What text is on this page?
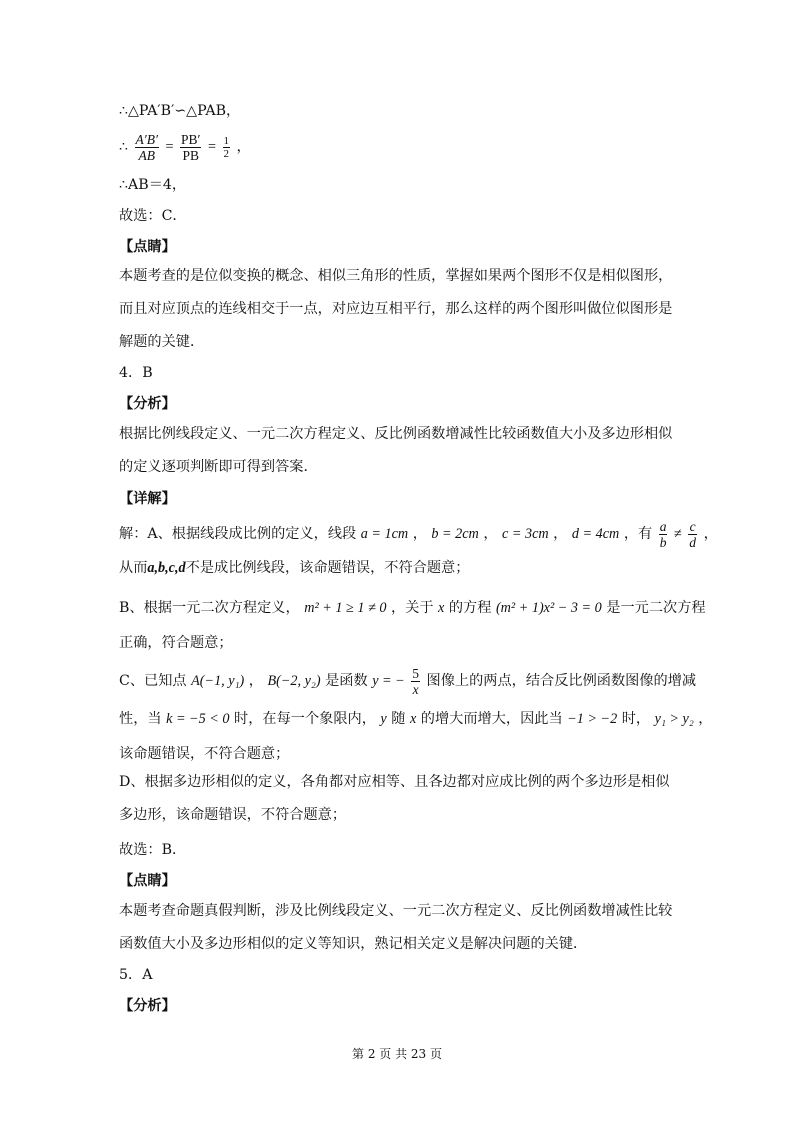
∴△PA′B′∽△PAB，
∴ $\frac{A'B'}{AB} = \frac{PB'}{PB} = \frac{1}{2}$ ，
∴AB＝4，
故选：C．
【点睛】
本题考查的是位似变换的概念、相似三角形的性质，掌握如果两个图形不仅是相似图形，而且对应顶点的连线相交于一点，对应边互相平行，那么这样的两个图形叫做位似图形是解题的关键．
4．B
【分析】
根据比例线段定义、一元二次方程定义、反比例函数增减性比较函数值大小及多边形相似的定义逐项判断即可得到答案．
【详解】
解：A、根据线段成比例的定义，线段 a = 1cm ， b = 2cm ， c = 3cm ， d = 4cm ，有 $\frac{a}{b} \ne \frac{c}{d}$ ，
从而a,b,c,d不是成比例线段，该命题错误，不符合题意；
B、根据一元二次方程定义， m² + 1 ≥ 1 ≠ 0 ，关于 x 的方程 (m² + 1)x² − 3 = 0 是一元二次方程
正确，符合题意；
C、已知点 A(−1, y₁) ， B(−2, y₂) 是函数 y = − $\frac{5}{x}$ 图像上的两点，结合反比例函数图像的增减
性，当 k = −5 < 0 时，在每一个象限内， y 随 x 的增大而增大，因此当 −1 > −2 时， y₁ > y₂ ，
该命题错误，不符合题意；
D、根据多边形相似的定义，各角都对应相等、且各边都对应成比例的两个多边形是相似多边形，该命题错误，不符合题意；
故选：B．
【点睛】
本题考查命题真假判断，涉及比例线段定义、一元二次方程定义、反比例函数增减性比较函数值大小及多边形相似的定义等知识，熟记相关定义是解决问题的关键．
5．A
【分析】
第 2 页 共 23 页
